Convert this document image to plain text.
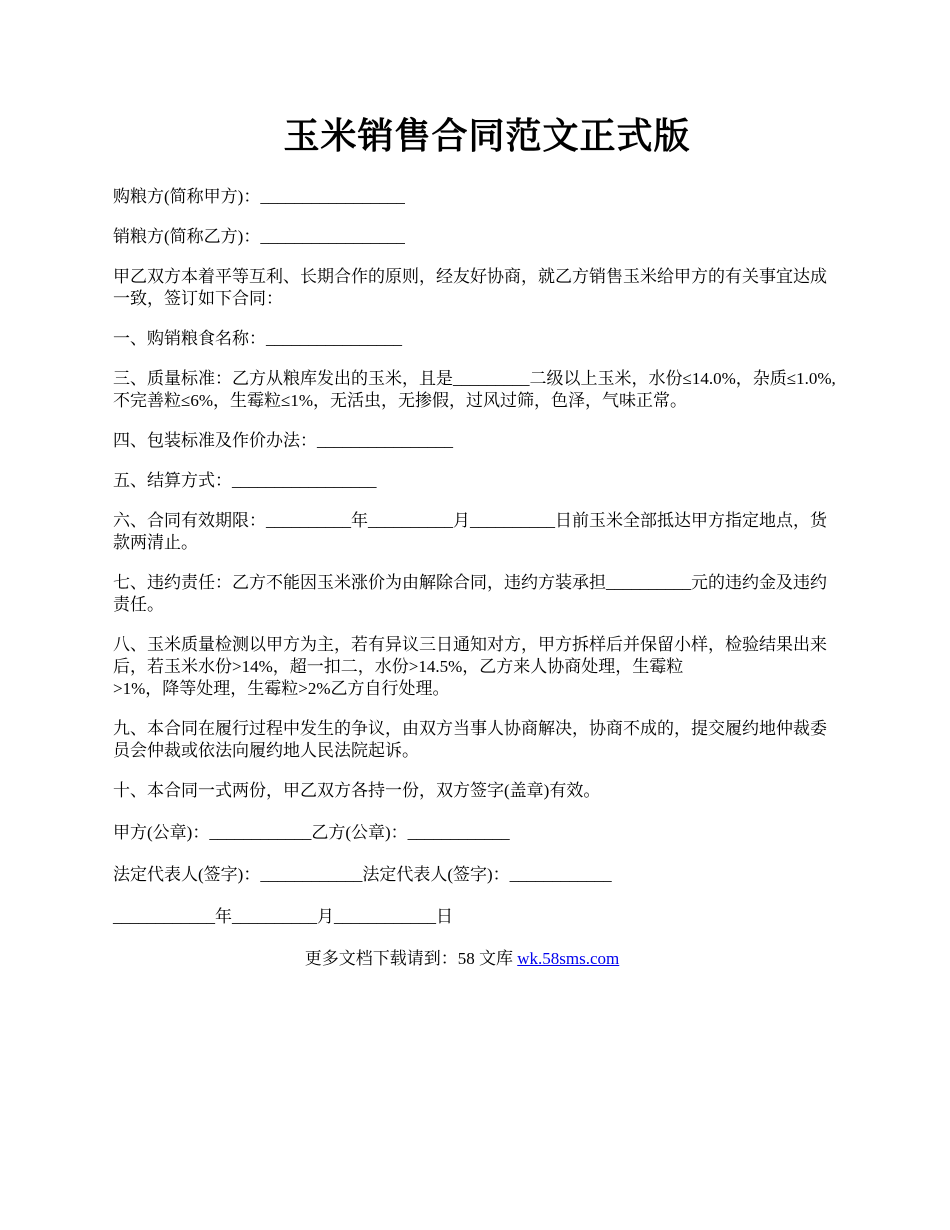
玉米销售合同范文正式版

购粮方(简称甲方)：_________________

销粮方(简称乙方)：_________________

甲乙双方本着平等互利、长期合作的原则，经友好协商，就乙方销售玉米给甲方的有关事宜达成一致，签订如下合同：

一、购销粮食名称：________________

三、质量标准：乙方从粮库发出的玉米，且是_________二级以上玉米，水份≤14.0%，杂质≤1.0%,不完善粒≤6%，生霉粒≤1%，无活虫，无掺假，过风过筛，色泽，气味正常。

四、包装标准及作价办法：________________

五、结算方式：_________________

六、合同有效期限：__________年__________月__________日前玉米全部抵达甲方指定地点，货款两清止。

七、违约责任：乙方不能因玉米涨价为由解除合同，违约方装承担__________元的违约金及违约责任。

八、玉米质量检测以甲方为主，若有异议三日通知对方，甲方拆样后并保留小样，检验结果出来后，若玉米水份>14%，超一扣二，水份>14.5%，乙方来人协商处理，生霉粒
>1%，降等处理，生霉粒>2%乙方自行处理。

九、本合同在履行过程中发生的争议，由双方当事人协商解决，协商不成的，提交履约地仲裁委员会仲裁或依法向履约地人民法院起诉。

十、本合同一式两份，甲乙双方各持一份，双方签字(盖章)有效。

甲方(公章)：____________乙方(公章)：____________

法定代表人(签字)：____________法定代表人(签字)：____________

____________年__________月____________日

更多文档下载请到：58 文库 wk.58sms.com
